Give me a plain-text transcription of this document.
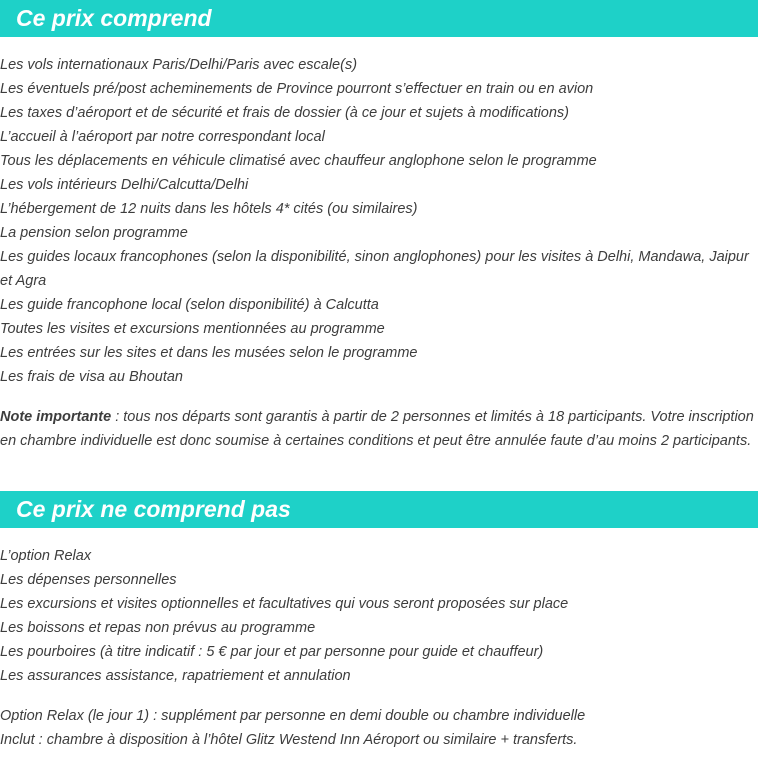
Ce prix comprend
Les vols internationaux Paris/Delhi/Paris avec escale(s)
Les éventuels pré/post acheminements de Province pourront s’effectuer en train ou en avion
Les taxes d’aéroport et de sécurité et frais de dossier (à ce jour et sujets à modifications)
L’accueil à l’aéroport par notre correspondant local
Tous les déplacements en véhicule climatisé avec chauffeur anglophone selon le programme
Les vols intérieurs Delhi/Calcutta/Delhi
L’hébergement de 12 nuits dans les hôtels 4* cités (ou similaires)
La pension selon programme
Les guides locaux francophones (selon la disponibilité, sinon anglophones) pour les visites à Delhi, Mandawa, Jaipur et Agra
Les guide francophone local (selon disponibilité) à Calcutta
Toutes les visites et excursions mentionnées au programme
Les entrées sur les sites et dans les musées selon le programme
Les frais de visa au Bhoutan
Note importante : tous nos départs sont garantis à partir de 2 personnes et limités à 18 participants. Votre inscription en chambre individuelle est donc soumise à certaines conditions et peut être annulée faute d’au moins 2 participants.
Ce prix ne comprend pas
L’option Relax
Les dépenses personnelles
Les excursions et visites optionnelles et facultatives qui vous seront proposées sur place
Les boissons et repas non prévus au programme
Les pourboires (à titre indicatif : 5 € par jour et par personne pour guide et chauffeur)
Les assurances assistance, rapatriement et annulation
Option Relax (le jour 1) : supplément par personne en demi double ou chambre individuelle
Inclut : chambre à disposition à l’hôtel Glitz Westend Inn Aéroport ou similaire + transferts.
